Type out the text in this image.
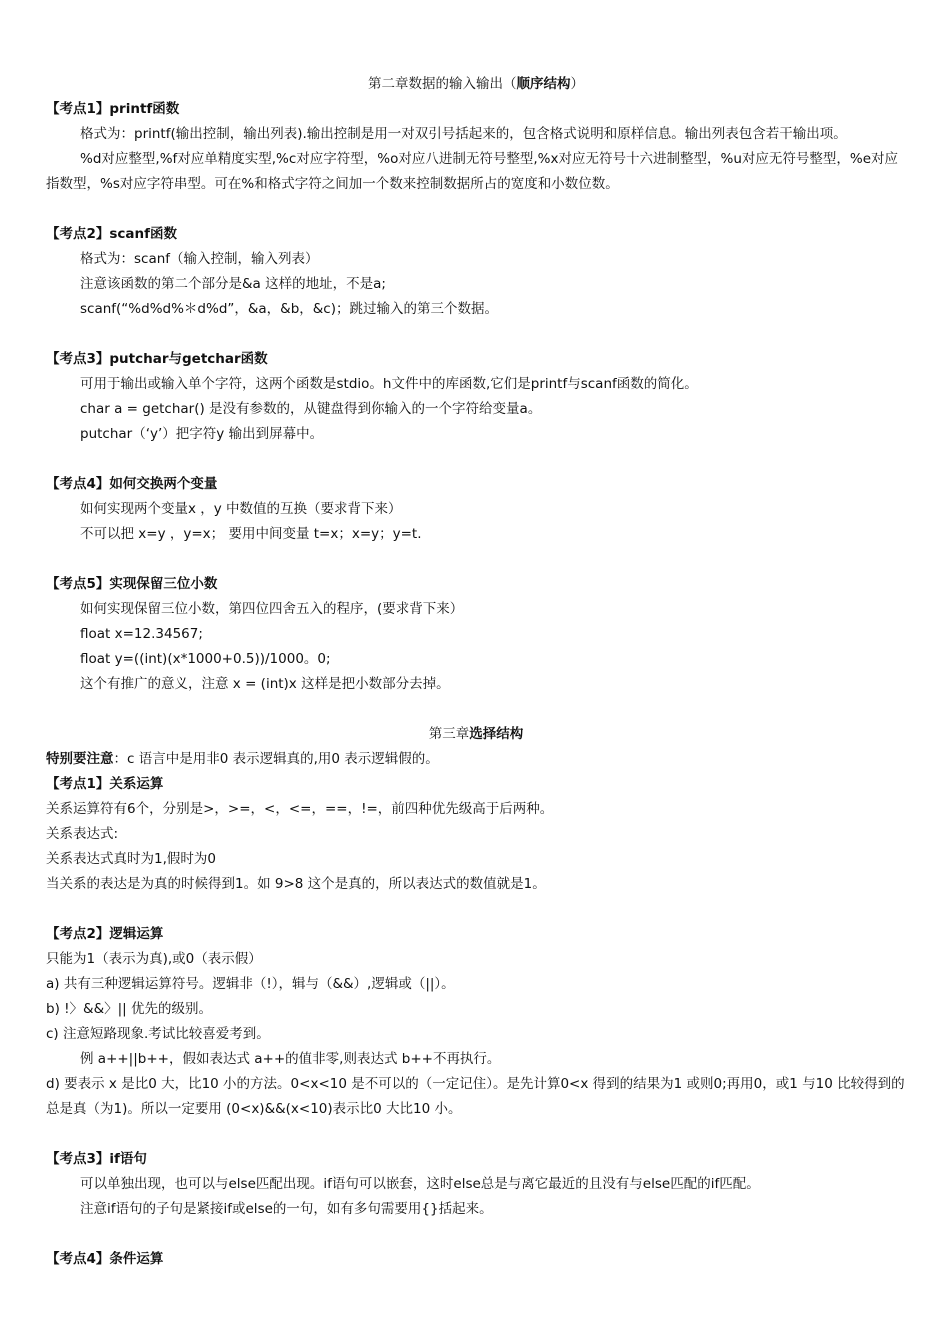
第二章数据的输入输出（顺序结构）
【考点1】printf函数
格式为：printf(输出控制，输出列表).输出控制是用一对双引号括起来的，包含格式说明和原样信息。输出列表包含若干输出项。
%d对应整型,%f对应单精度实型,%c对应字符型，%o对应八进制无符号整型,%x对应无符号十六进制整型，%u对应无符号整型，%e对应指数型，%s对应字符串型。可在%和格式字符之间加一个数来控制数据所占的宽度和小数位数。
【考点2】scanf函数
格式为：scanf（输入控制，输入列表）
注意该函数的第二个部分是&a 这样的地址，不是a;
scanf(“%d%d%＊d%d”，&a，&b，&c)；跳过输入的第三个数据。
【考点3】putchar与getchar函数
可用于输出或输入单个字符，这两个函数是stdio。h文件中的库函数,它们是printf与scanf函数的简化。
char a = getchar() 是没有参数的，从键盘得到你输入的一个字符给变量a。
putchar（‘y’）把字符y 输出到屏幕中。
【考点4】如何交换两个变量
如何实现两个变量x ，y 中数值的互换（要求背下来）
不可以把 x=y ，y=x； 要用中间变量 t=x；x=y；y=t.
【考点5】实现保留三位小数
如何实现保留三位小数，第四位四舍五入的程序，(要求背下来）
float x=12.34567;
float y=((int)(x*1000+0.5))/1000。0;
这个有推广的意义，注意 x = (int)x 这样是把小数部分去掉。
第三章选择结构
特别要注意：c 语言中是用非0 表示逻辑真的,用0 表示逻辑假的。
【考点1】关系运算
关系运算符有6个，分别是>，>=，<，<=，==，!=，前四种优先级高于后两种。
关系表达式:
关系表达式真时为1,假时为0
当关系的表达是为真的时候得到1。如 9>8 这个是真的，所以表达式的数值就是1。
【考点2】逻辑运算
只能为1（表示为真),或0（表示假）
a) 共有三种逻辑运算符号。逻辑非（!），辑与（&&）,逻辑或（||）。
b) !〉&&〉|| 优先的级别。
c) 注意短路现象.考试比较喜爱考到。
例 a++||b++，假如表达式 a++的值非零,则表达式 b++不再执行。
d) 要表示 x 是比0 大，比10 小的方法。0<x<10 是不可以的（一定记住）。是先计算0<x 得到的结果为1 或则0;再用0，或1 与10 比较得到的总是真（为1)。所以一定要用 (0<x)&&(x<10)表示比0 大比10 小。
【考点3】if语句
可以单独出现，也可以与else匹配出现。if语句可以嵌套，这时else总是与离它最近的且没有与else匹配的if匹配。
注意if语句的子句是紧接if或else的一句，如有多句需要用{}括起来。
【考点4】条件运算
